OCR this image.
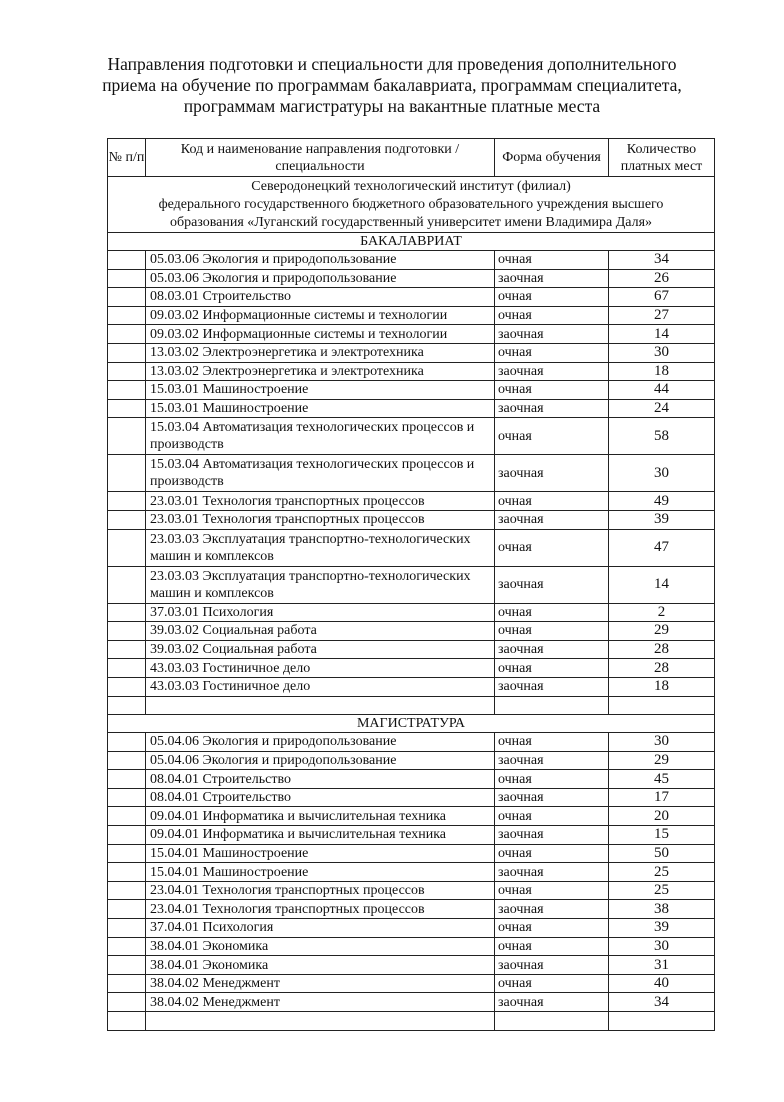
Направления подготовки и специальности для проведения дополнительного
приема на обучение по программам бакалавриата, программам специалитета,
программам магистратуры на вакантные платные места
№ п/п	Код и наименование направления подготовки / специальности	Форма обучения	Количество платных мест

Северодонецкий технологический институт (филиал)
федерального государственного бюджетного образовательного учреждения высшего
образования «Луганский государственный университет имени Владимира Даля»			

БАКАЛАВРИАТ			
	05.03.06 Экология и природопользование	очная	34
	05.03.06 Экология и природопользование	заочная	26
	08.03.01 Строительство	очная	67
	09.03.02 Информационные системы и технологии	очная	27
	09.03.02 Информационные системы и технологии	заочная	14
	13.03.02 Электроэнергетика и электротехника	очная	30
	13.03.02 Электроэнергетика и электротехника	заочная	18
	15.03.01 Машиностроение	очная	44
	15.03.01 Машиностроение	заочная	24
	15.03.04 Автоматизация технологических процессов и производств	очная	58
	15.03.04 Автоматизация технологических процессов и производств	заочная	30
	23.03.01 Технология транспортных процессов	очная	49
	23.03.01 Технология транспортных процессов	заочная	39
	23.03.03 Эксплуатация транспортно-технологических машин и комплексов	очная	47
	23.03.03 Эксплуатация транспортно-технологических машин и комплексов	заочная	14
	37.03.01 Психология	очная	2
	39.03.02 Социальная работа	очная	29
	39.03.02 Социальная работа	заочная	28
	43.03.03 Гостиничное дело	очная	28
	43.03.03 Гостиничное дело	заочная	18

МАГИСТРАТУРА			
	05.04.06 Экология и природопользование	очная	30
	05.04.06 Экология и природопользование	заочная	29
	08.04.01 Строительство	очная	45
	08.04.01 Строительство	заочная	17
	09.04.01 Информатика и вычислительная техника	очная	20
	09.04.01 Информатика и вычислительная техника	заочная	15
	15.04.01 Машиностроение	очная	50
	15.04.01 Машиностроение	заочная	25
	23.04.01 Технология транспортных процессов	очная	25
	23.04.01 Технология транспортных процессов	заочная	38
	37.04.01 Психология	очная	39
	38.04.01 Экономика	очная	30
	38.04.01 Экономика	заочная	31
	38.04.02 Менеджмент	очная	40
	38.04.02 Менеджмент	заочная	34
